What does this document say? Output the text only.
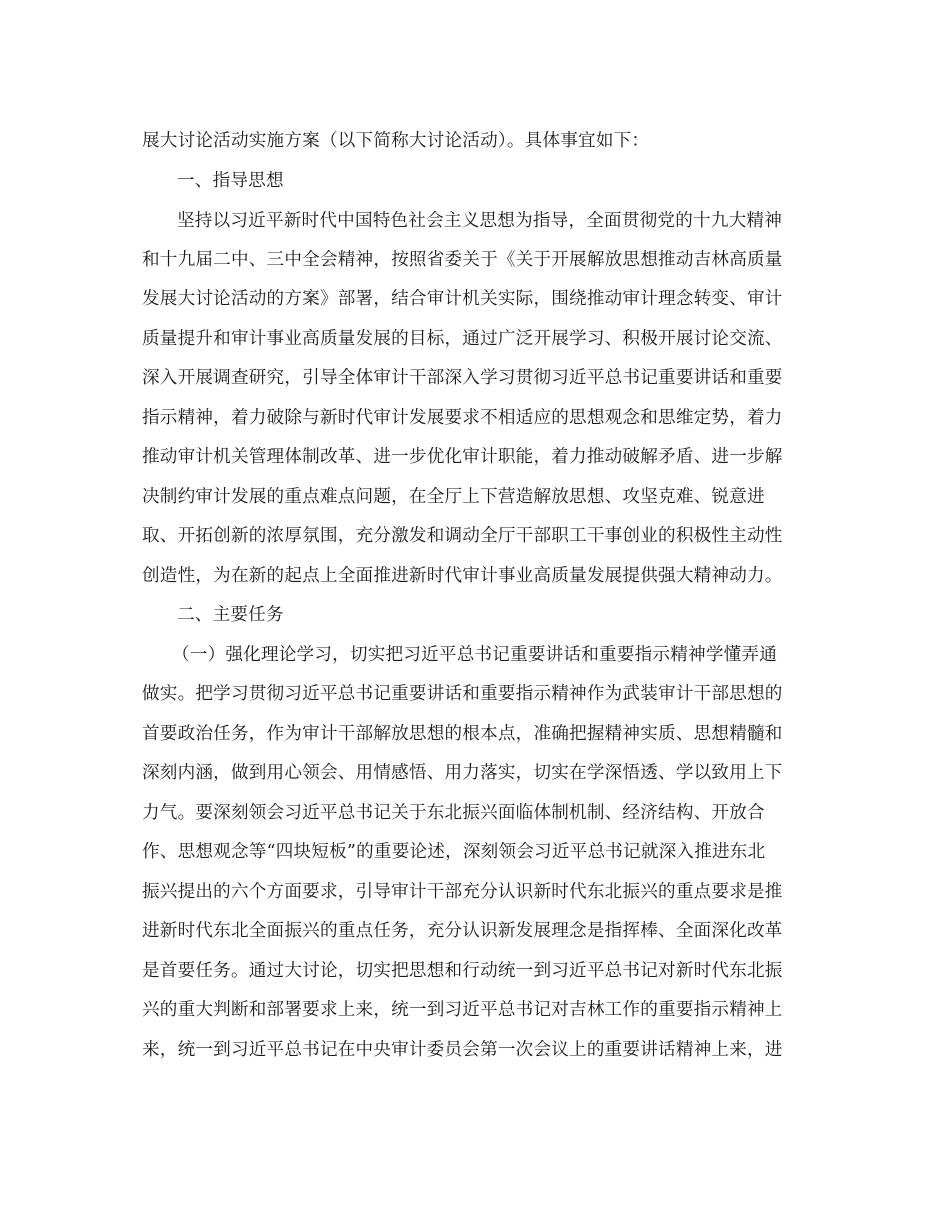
展大讨论活动实施方案（以下简称大讨论活动）。具体事宜如下：
一、指导思想
坚持以习近平新时代中国特色社会主义思想为指导，全面贯彻党的十九大精神
和十九届二中、三中全会精神，按照省委关于《关于开展解放思想推动吉林高质量
发展大讨论活动的方案》部署，结合审计机关实际，围绕推动审计理念转变、审计
质量提升和审计事业高质量发展的目标，通过广泛开展学习、积极开展讨论交流、
深入开展调查研究，引导全体审计干部深入学习贯彻习近平总书记重要讲话和重要
指示精神，着力破除与新时代审计发展要求不相适应的思想观念和思维定势，着力
推动审计机关管理体制改革、进一步优化审计职能，着力推动破解矛盾、进一步解
决制约审计发展的重点难点问题，在全厅上下营造解放思想、攻坚克难、锐意进
取、开拓创新的浓厚氛围，充分激发和调动全厅干部职工干事创业的积极性主动性
创造性，为在新的起点上全面推进新时代审计事业高质量发展提供强大精神动力。
二、主要任务
（一）强化理论学习，切实把习近平总书记重要讲话和重要指示精神学懂弄通
做实。把学习贯彻习近平总书记重要讲话和重要指示精神作为武装审计干部思想的
首要政治任务，作为审计干部解放思想的根本点，准确把握精神实质、思想精髓和
深刻内涵，做到用心领会、用情感悟、用力落实，切实在学深悟透、学以致用上下
力气。要深刻领会习近平总书记关于东北振兴面临体制机制、经济结构、开放合
作、思想观念等“四块短板”的重要论述，深刻领会习近平总书记就深入推进东北
振兴提出的六个方面要求，引导审计干部充分认识新时代东北振兴的重点要求是推
进新时代东北全面振兴的重点任务，充分认识新发展理念是指挥棒、全面深化改革
是首要任务。通过大讨论，切实把思想和行动统一到习近平总书记对新时代东北振
兴的重大判断和部署要求上来，统一到习近平总书记对吉林工作的重要指示精神上
来，统一到习近平总书记在中央审计委员会第一次会议上的重要讲话精神上来，进
